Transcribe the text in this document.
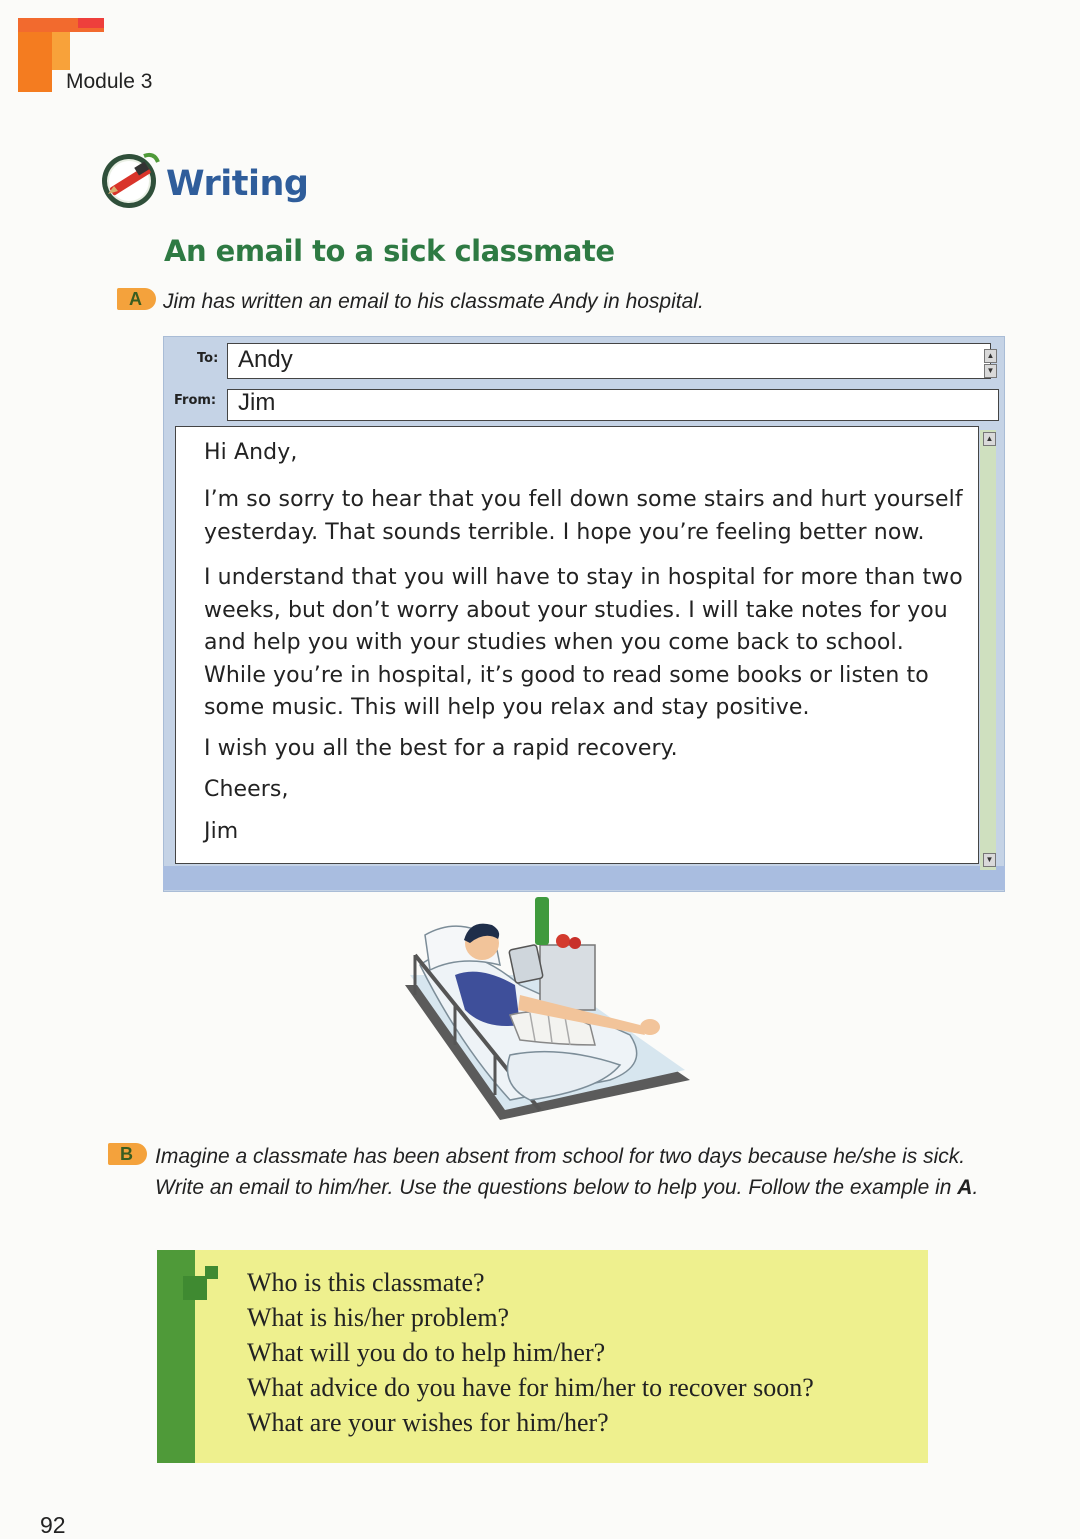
Module 3
Writing
An email to a sick classmate
A	Jim has written an email to his classmate Andy in hospital.
To: Andy	▲
▼
From: Jim
▲
▼
Hi Andy,
I’m so sorry to hear that you fell down some stairs and hurt yourself yesterday. That sounds terrible. I hope you’re feeling better now.
I understand that you will have to stay in hospital for more than two weeks, but don’t worry about your studies. I will take notes for you and help you with your studies when you come back to school. While you’re in hospital, it’s good to read some books or listen to some music. This will help you relax and stay positive.
I wish you all the best for a rapid recovery.
Cheers,
Jim
B	Imagine a classmate has been absent from school for two days because he/she is sick. Write an email to him/her. Use the questions below to help you. Follow the example in A.
Who is this classmate?
What is his/her problem?
What will you do to help him/her?
What advice do you have for him/her to recover soon?
What are your wishes for him/her?
92
